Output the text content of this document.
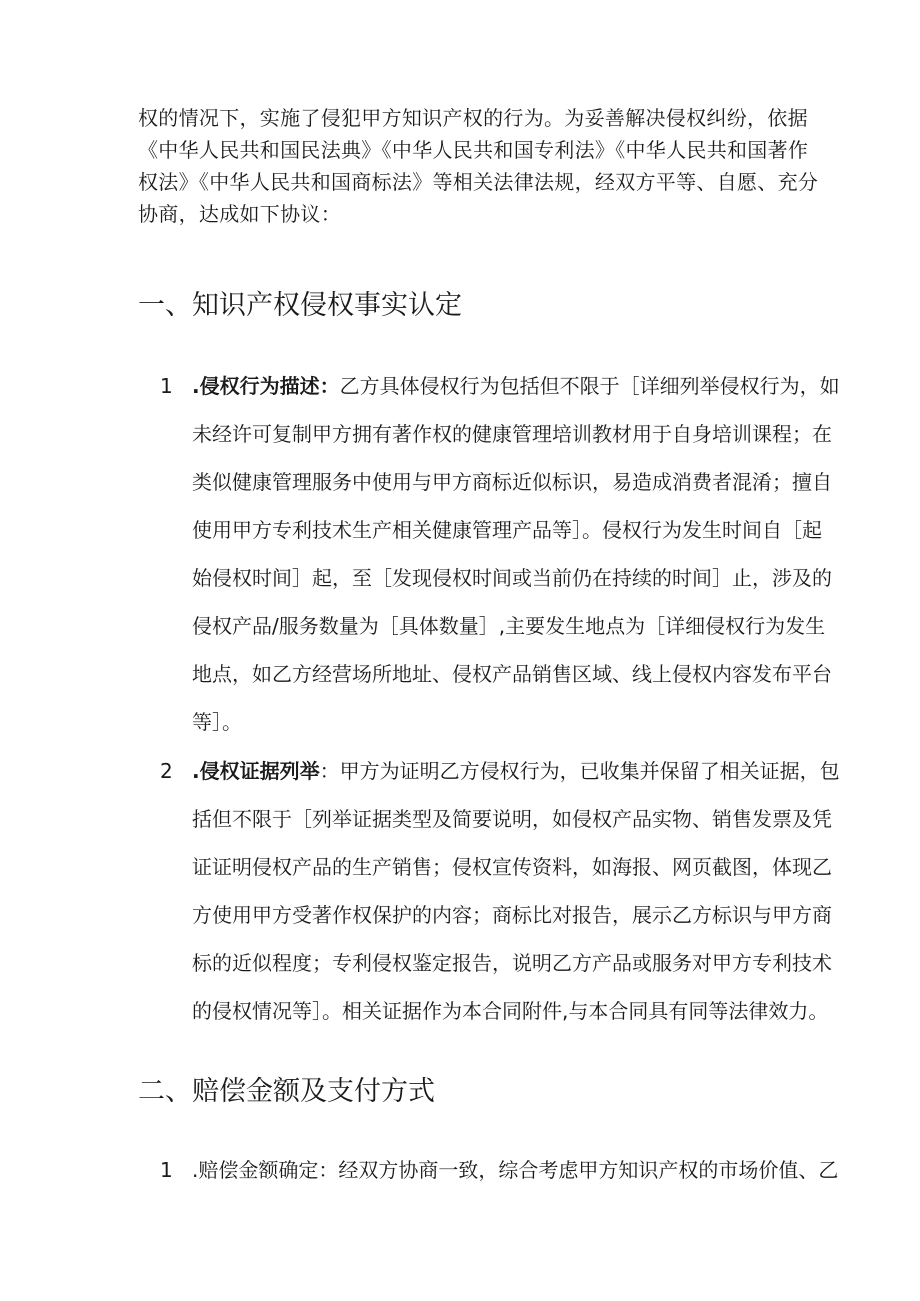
权的情况下，实施了侵犯甲方知识产权的行为。为妥善解决侵权纠纷，依据
《中华人民共和国民法典》《中华人民共和国专利法》《中华人民共和国著作
权法》《中华人民共和国商标法》等相关法律法规，经双方平等、自愿、充分
协商，达成如下协议：
一、知识产权侵权事实认定
1 .侵权行为描述：乙方具体侵权行为包括但不限于［详细列举侵权行为，如
未经许可复制甲方拥有著作权的健康管理培训教材用于自身培训课程；在
类似健康管理服务中使用与甲方商标近似标识，易造成消费者混淆；擅自
使用甲方专利技术生产相关健康管理产品等］。侵权行为发生时间自［起
始侵权时间］起，至［发现侵权时间或当前仍在持续的时间］止，涉及的
侵权产品/服务数量为［具体数量］,主要发生地点为［详细侵权行为发生
地点，如乙方经营场所地址、侵权产品销售区域、线上侵权内容发布平台
等］。
2 .侵权证据列举：甲方为证明乙方侵权行为，已收集并保留了相关证据，包
括但不限于［列举证据类型及简要说明，如侵权产品实物、销售发票及凭
证证明侵权产品的生产销售；侵权宣传资料，如海报、网页截图，体现乙
方使用甲方受著作权保护的内容；商标比对报告，展示乙方标识与甲方商
标的近似程度；专利侵权鉴定报告，说明乙方产品或服务对甲方专利技术
的侵权情况等］。相关证据作为本合同附件,与本合同具有同等法律效力。
二、赔偿金额及支付方式
1 .赔偿金额确定：经双方协商一致，综合考虑甲方知识产权的市场价值、乙
